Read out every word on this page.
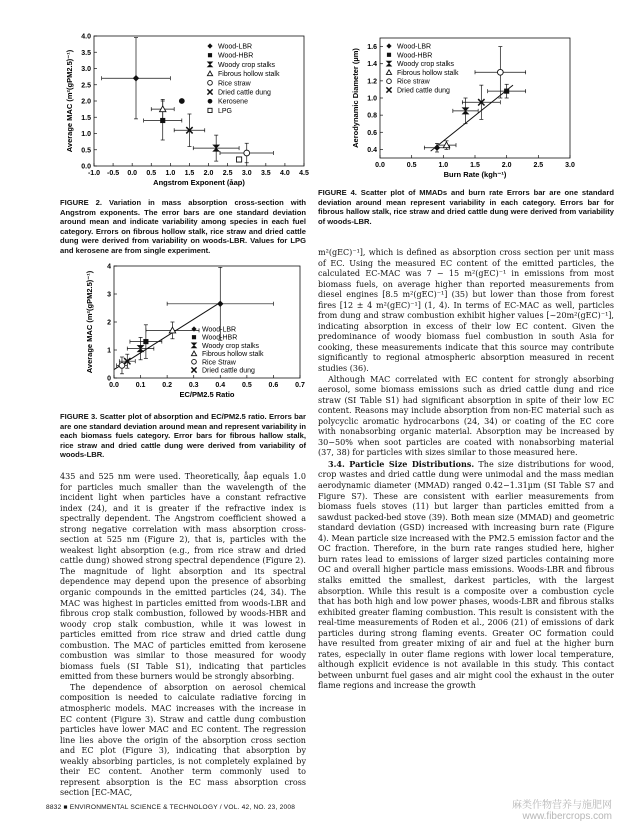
-1.0 -0.5 0.0 0.5 1.0 1.5 2.0 2.5 3.0 3.5 4.0 4.5
0.0
0.5
1.0
1.5
2.0
2.5
3.0
3.5
4.0
Angstrom Exponent (åap)
Average MAC (m²(gPM2.5)⁻¹)
Wood-LBR
Wood-HBR
Woody crop stalks
Fibrous hollow stalk
Rice straw
Dried cattle dung
Kerosene
LPG
FIGURE 2. Variation in mass absorption cross-section with Angstrom exponents. The error bars are one standard deviation around mean and indicate variability among species in each fuel category. Errors on fibrous hollow stalk, rice straw and dried cattle dung were derived from variability on woods-LBR. Values for LPG and kerosene are from single experiment.
0.0 0.1 0.2 0.3 0.4 0.5 0.6 0.7
0
1
2
3
4
EC/PM2.5 Ratio
Average MAC (m²(gPM2.5)⁻¹)	Wood-LBR
Wood-HBR
Woody crop stalks
Fibrous hollow stalk
Rice Straw
Dried cattle dung
FIGURE 3. Scatter plot of absorption and EC/PM2.5 ratio. Errors bar are one standard deviation around mean and represent variability in each biomass fuels category. Error bars for fibrous hallow stalk, rice straw and dried cattle dung were derived from variability of woods-LBR.
0.0	0.5	1.0	1.5	2.0	2.5	3.0
0.4
0.6
0.8
1.0
1.2
1.4
1.6
Burn Rate (kgh⁻¹)
Aerodynamic Diameter (µm)
Wood-LBR
Wood-HBR
Woody crop stalks
Fibrous hollow stalk
Rice straw
Dried cattle dung
FIGURE 4. Scatter plot of MMADs and burn rate Errors bar are one standard deviation around mean represent variability in each category. Errors bar for fibrous hallow stalk, rice straw and dried cattle dung were derived from variability of woods-LBR.

435 and 525 nm were used. Theoretically, åap equals 1.0 for particles much smaller than the wavelength of the incident light when particles have a constant refractive index (24), and it is greater if the refractive index is spectrally dependent. The Angstrom coefficient showed a strong negative correlation with mass absorption cross-section at 525 nm (Figure 2), that is, particles with the weakest light absorption (e.g., from rice straw and dried cattle dung) showed strong spectral dependence (Figure 2). The magnitude of light absorption and its spectral dependence may depend upon the presence of absorbing organic compounds in the emitted particles (24, 34). The MAC was highest in particles emitted from woods-LBR and fibrous crop stalk combustion, followed by woods-HBR and woody crop stalk combustion, while it was lowest in particles emitted from rice straw and dried cattle dung combustion. The MAC of particles emitted from kerosene combustion was similar to those measured for woody biomass fuels (SI Table S1), indicating that particles emitted from these burners would be strongly absorbing.

The dependence of absorption on aerosol chemical composition is needed to calculate radiative forcing in atmospheric models. MAC increases with the increase in EC content (Figure 3). Straw and cattle dung combustion particles have lower MAC and EC content. The regression line lies above the origin of the absorption cross section and EC plot (Figure 3), indicating that absorption by weakly absorbing particles, is not completely explained by their EC content. Another term commonly used to represent absorption is the EC mass absorption cross section [EC-MAC,

m²(gEC)⁻¹], which is defined as absorption cross section per unit mass of EC. Using the measured EC content of the emitted particles, the calculated EC-MAC was 7 − 15 m²(gEC)⁻¹ in emissions from most biomass fuels, on average higher than reported measurements from diesel engines [8.5 m²(gEC)⁻¹] (35) but lower than those from forest fires [12 ± 4 m²(gEC)⁻¹] (1, 4). In terms of EC-MAC as well, particles from dung and straw combustion exhibit higher values [~20m²(gEC)⁻¹], indicating absorption in excess of their low EC content. Given the predominance of woody biomass fuel combustion in south Asia for cooking, these measurements indicate that this source may contribute significantly to regional atmospheric absorption measured in recent studies (36).

Although MAC correlated with EC content for strongly absorbing aerosol, some biomass emissions such as dried cattle dung and rice straw (SI Table S1) had significant absorption in spite of their low EC content. Reasons may include absorption from non-EC material such as polycyclic aromatic hydrocarbons (24, 34) or coating of the EC core with nonabsorbing organic material. Absorption may be increased by 30−50% when soot particles are coated with nonabsorbing material (37, 38) for particles with sizes similar to those measured here.

3.4. Particle Size Distributions. The size distributions for wood, crop wastes and dried cattle dung were unimodal and the mass median aerodynamic diameter (MMAD) ranged 0.42−1.31µm (SI Table S7 and Figure S7). These are consistent with earlier measurements from biomass fuels stoves (11) but larger than particles emitted from a sawdust packed-bed stove (39). Both mean size (MMAD) and geometric standard deviation (GSD) increased with increasing burn rate (Figure 4). Mean particle size increased with the PM2.5 emission factor and the OC fraction. Therefore, in the burn rate ranges studied here, higher burn rates lead to emissions of larger sized particles containing more OC and overall higher particle mass emissions. Woods-LBR and fibrous stalks emitted the smallest, darkest particles, with the largest absorption. While this result is a composite over a combustion cycle that has both high and low power phases, woods-LBR and fibrous stalks exhibited greater flaming combustion. This result is consistent with the real-time measurements of Roden et al., 2006 (21) of emissions of dark particles during strong flaming events. Greater OC formation could have resulted from greater mixing of air and fuel at the higher burn rates, especially in outer flame regions with lower local temperature, although explicit evidence is not available in this study. This contact between unburnt fuel gases and air might cool the exhaust in the outer flame regions and increase the growth

8832 ■ ENVIRONMENTAL SCIENCE & TECHNOLOGY / VOL. 42, NO. 23, 2008	麻类作物营养与施肥网
www.fibercrops.com
